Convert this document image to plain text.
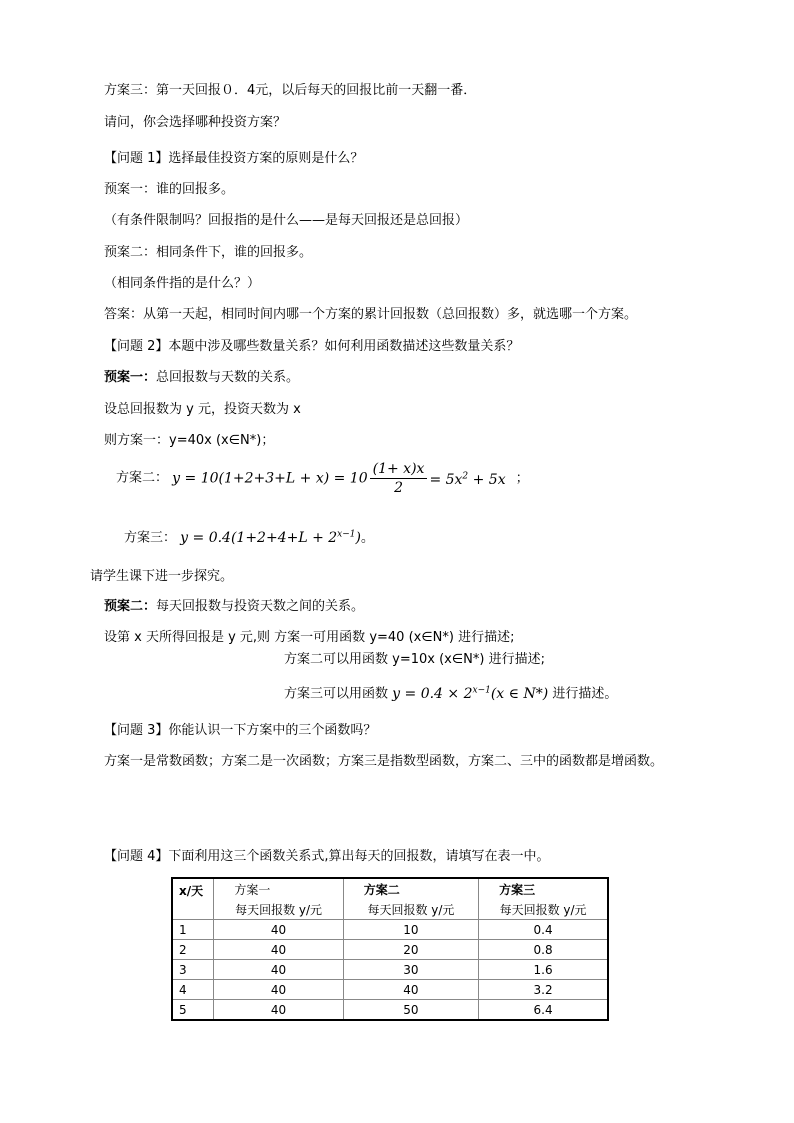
方案三：第一天回报０．4元，以后每天的回报比前一天翻一番．
请问，你会选择哪种投资方案？
【问题 1】选择最佳投资方案的原则是什么？
预案一：谁的回报多。
（有条件限制吗？回报指的是什么——是每天回报还是总回报）
预案二：相同条件下，谁的回报多。
（相同条件指的是什么？）
答案：从第一天起，相同时间内哪一个方案的累计回报数（总回报数）多，就选哪一个方案。
【问题 2】本题中涉及哪些数量关系？如何利用函数描述这些数量关系？
预案一：总回报数与天数的关系。
设总回报数为 y 元，投资天数为 x
则方案一：y=40x (x∈N*)；
方案二： $y = 10(1+2+3+L + x) = 10 \frac{(1+ x)x}{2} = 5x^2 + 5x$ ；
方案三： $y = 0.4(1+2+4+L + 2^{x-1})$。
请学生课下进一步探究。
预案二：每天回报数与投资天数之间的关系。
设第 x 天所得回报是 y 元,则 方案一可用函数 y=40 (x∈N*) 进行描述;
方案二可以用函数 y=10x (x∈N*) 进行描述;
方案三可以用函数 $y = 0.4 \times 2^{x-1}(x$ ∈ N*) 进行描述。
【问题 3】你能认识一下方案中的三个函数吗？
方案一是常数函数；方案二是一次函数；方案三是指数型函数，方案二、三中的函数都是增函数。
【问题 4】下面利用这三个函数关系式,算出每天的回报数，请填写在表一中。
x/天	方案一	方案二	方案三
	每天回报数 y/元	每天回报数 y/元	每天回报数 y/元
1	40	10	0.4
2	40	20	0.8
3	40	30	1.6
4	40	40	3.2
5	40	50	6.4
